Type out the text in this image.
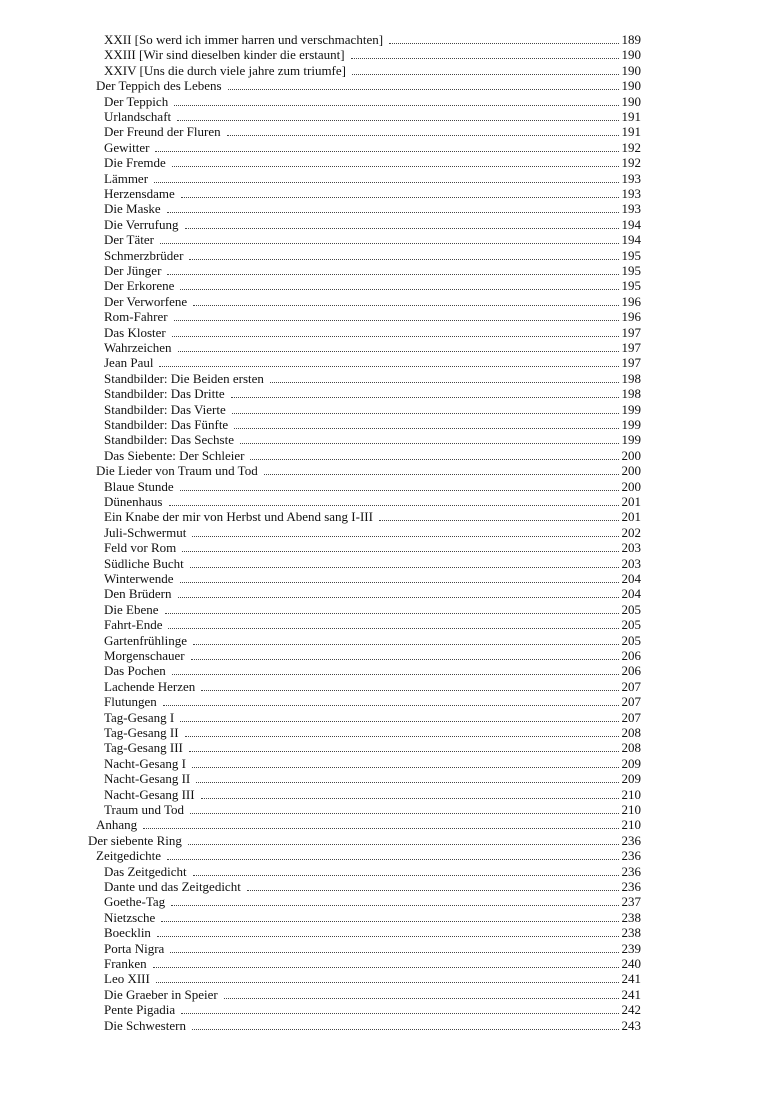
XXII [So werd ich immer harren und verschmachten]	189
XXIII [Wir sind dieselben kinder die erstaunt]	190
XXIV [Uns die durch viele jahre zum triumfe]	190
Der Teppich des Lebens	190
Der Teppich	190
Urlandschaft	191
Der Freund der Fluren	191
Gewitter	192
Die Fremde	192
Lämmer	193
Herzensdame	193
Die Maske	193
Die Verrufung	194
Der Täter	194
Schmerzbrüder	195
Der Jünger	195
Der Erkorene	195
Der Verworfene	196
Rom-Fahrer	196
Das Kloster	197
Wahrzeichen	197
Jean Paul	197
Standbilder: Die Beiden ersten	198
Standbilder: Das Dritte	198
Standbilder: Das Vierte	199
Standbilder: Das Fünfte	199
Standbilder: Das Sechste	199
Das Siebente: Der Schleier	200
Die Lieder von Traum und Tod	200
Blaue Stunde	200
Dünenhaus	201
Ein Knabe der mir von Herbst und Abend sang I-III	201
Juli-Schwermut	202
Feld vor Rom	203
Südliche Bucht	203
Winterwende	204
Den Brüdern	204
Die Ebene	205
Fahrt-Ende	205
Gartenfrühlinge	205
Morgenschauer	206
Das Pochen	206
Lachende Herzen	207
Flutungen	207
Tag-Gesang I	207
Tag-Gesang II	208
Tag-Gesang III	208
Nacht-Gesang I	209
Nacht-Gesang II	209
Nacht-Gesang III	210
Traum und Tod	210
Anhang	210
Der siebente Ring	236
Zeitgedichte	236
Das Zeitgedicht	236
Dante und das Zeitgedicht	236
Goethe-Tag	237
Nietzsche	238
Boecklin	238
Porta Nigra	239
Franken	240
Leo XIII	241
Die Graeber in Speier	241
Pente Pigadia	242
Die Schwestern	243
